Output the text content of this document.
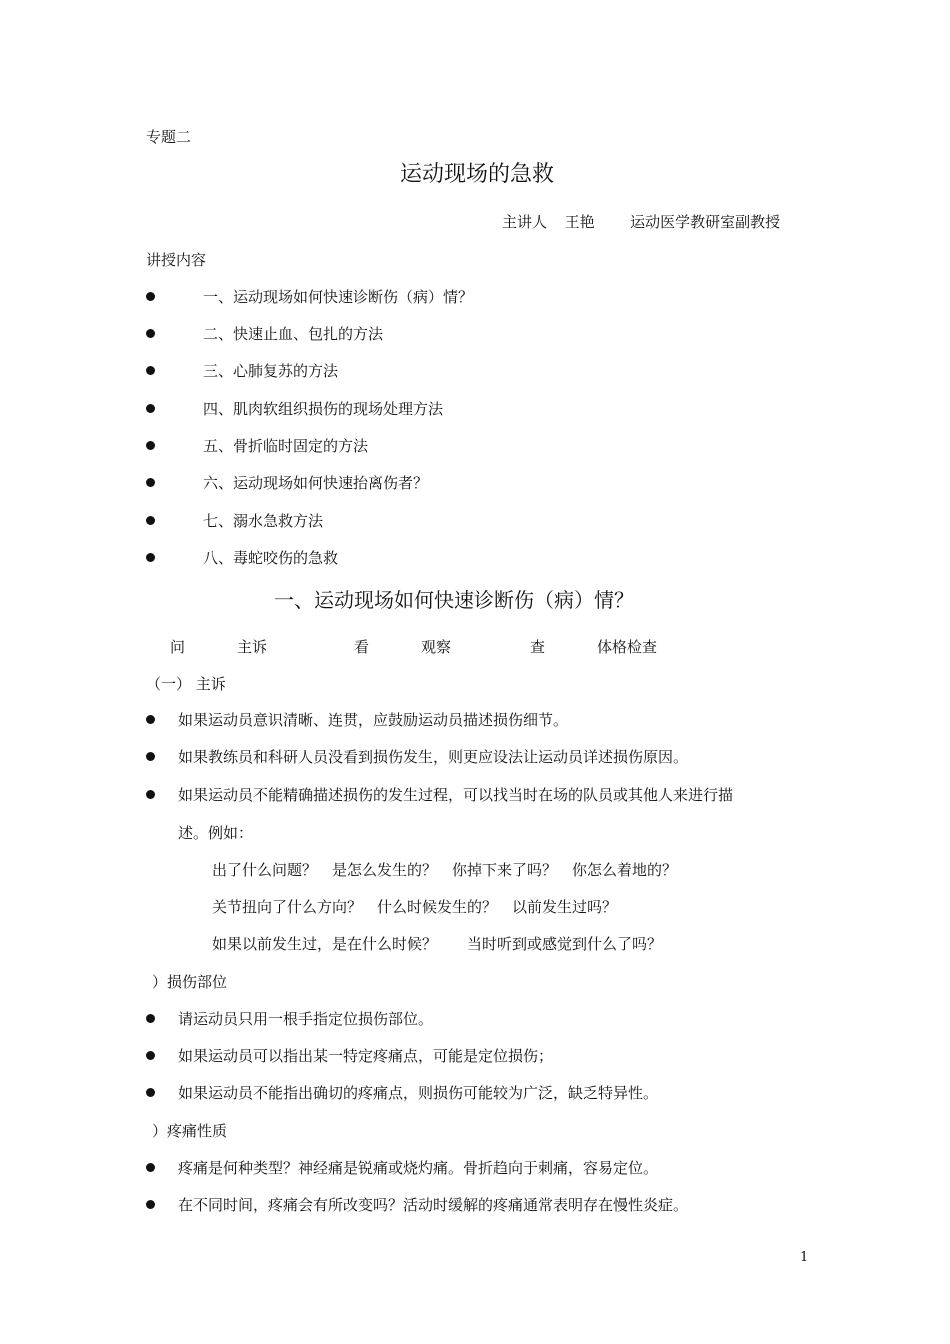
专题二
运动现场的急救
主讲人 王艳 运动医学教研室副教授
讲授内容
一、运动现场如何快速诊断伤（病）情？
二、快速止血、包扎的方法
三、心肺复苏的方法
四、肌肉软组织损伤的现场处理方法
五、骨折临时固定的方法
六、运动现场如何快速抬离伤者？
七、溺水急救方法
八、毒蛇咬伤的急救
一、运动现场如何快速诊断伤（病）情？
问	主诉	看	观察	查	体格检查
（一） 主诉
如果运动员意识清晰、连贯，应鼓励运动员描述损伤细节。
如果教练员和科研人员没看到损伤发生，则更应设法让运动员详述损伤原因。
如果运动员不能精确描述损伤的发生过程，可以找当时在场的队员或其他人来进行描
述。例如：
出了什么问题？　是怎么发生的？　你掉下来了吗？　你怎么着地的？
关节扭向了什么方向？　什么时候发生的？　以前发生过吗？
如果以前发生过，是在什么时候？　　当时听到或感觉到什么了吗？
）损伤部位
请运动员只用一根手指定位损伤部位。
如果运动员可以指出某一特定疼痛点，可能是定位损伤；
如果运动员不能指出确切的疼痛点，则损伤可能较为广泛，缺乏特异性。
）疼痛性质
疼痛是何种类型？神经痛是锐痛或烧灼痛。骨折趋向于刺痛，容易定位。
在不同时间，疼痛会有所改变吗？活动时缓解的疼痛通常表明存在慢性炎症。
1
